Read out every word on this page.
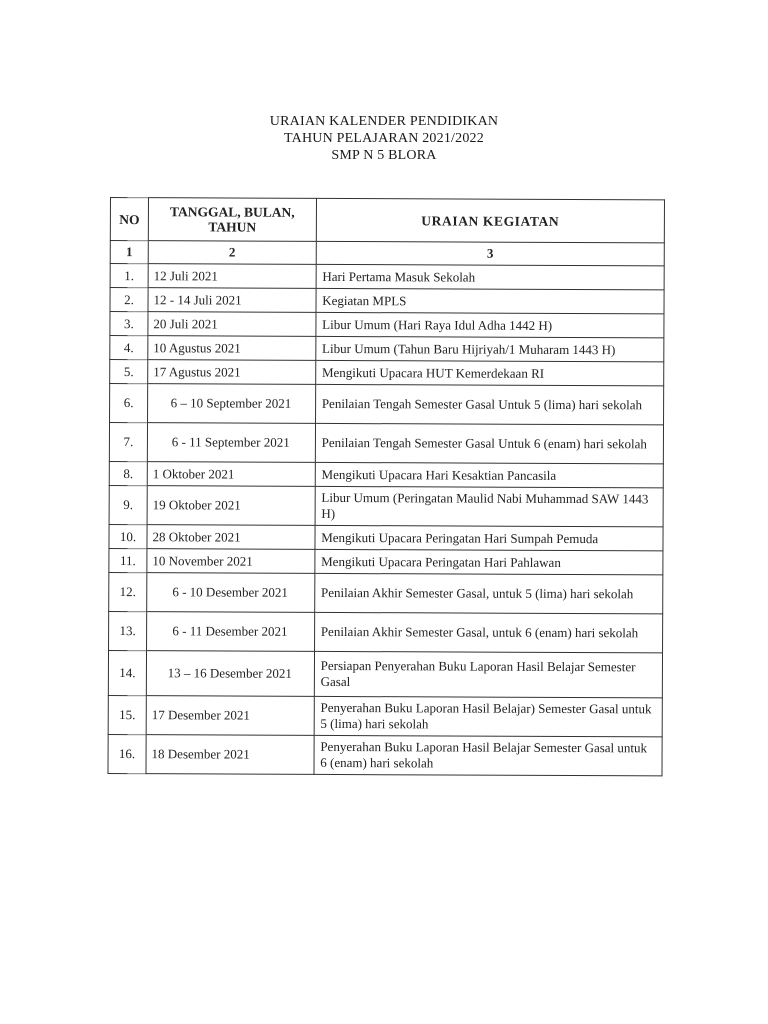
URAIAN KALENDER PENDIDIKAN
TAHUN PELAJARAN 2021/2022
SMP N 5 BLORA
NO	TANGGAL, BULAN, TAHUN	URAIAN KEGIATAN
1	2	3
1.	12 Juli 2021	Hari Pertama Masuk Sekolah
2.	12 - 14 Juli 2021	Kegiatan MPLS
3.	20 Juli 2021	Libur Umum (Hari Raya Idul Adha 1442 H)
4.	10 Agustus 2021	Libur Umum (Tahun Baru Hijriyah/1 Muharam 1443 H)
5.	17 Agustus 2021	Mengikuti Upacara HUT Kemerdekaan RI
6.	6 – 10 September 2021	Penilaian Tengah Semester Gasal Untuk 5 (lima) hari sekolah
7.	6 - 11 September 2021	Penilaian Tengah Semester Gasal Untuk 6 (enam) hari sekolah
8.	1 Oktober 2021	Mengikuti Upacara Hari Kesaktian Pancasila
9.	19 Oktober 2021	Libur Umum (Peringatan Maulid Nabi Muhammad SAW 1443 H)
10.	28 Oktober 2021	Mengikuti Upacara Peringatan Hari Sumpah Pemuda
11.	10 November 2021	Mengikuti Upacara Peringatan Hari Pahlawan
12.	6 - 10 Desember 2021	Penilaian Akhir Semester Gasal, untuk 5 (lima) hari sekolah
13.	6 - 11 Desember 2021	Penilaian Akhir Semester Gasal, untuk 6 (enam) hari sekolah
14.	13 – 16 Desember 2021	Persiapan Penyerahan Buku Laporan Hasil Belajar Semester Gasal
15.	17 Desember 2021	Penyerahan Buku Laporan Hasil Belajar) Semester Gasal untuk 5 (lima) hari sekolah
16.	18 Desember 2021	Penyerahan Buku Laporan Hasil Belajar Semester Gasal untuk 6 (enam) hari sekolah
